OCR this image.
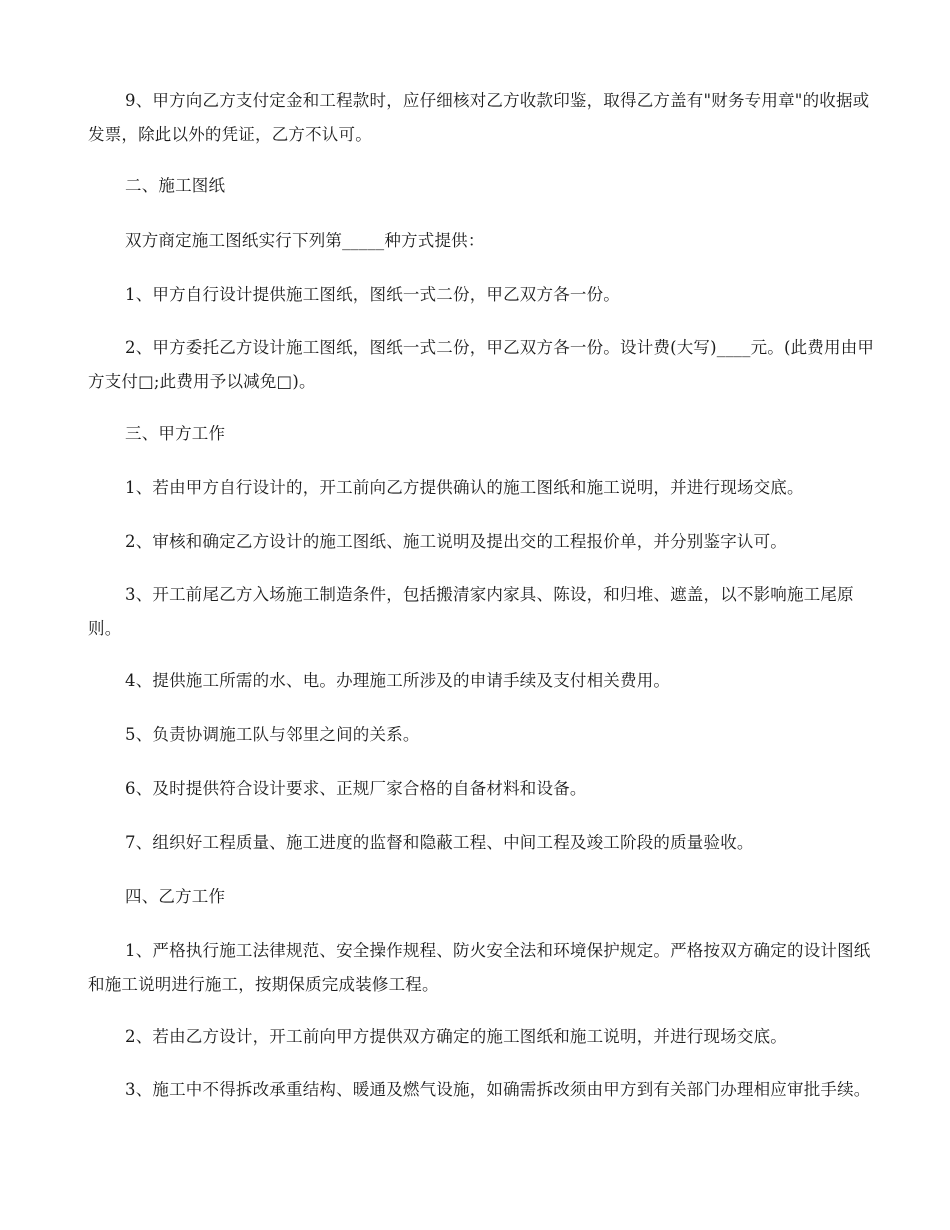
9、甲方向乙方支付定金和工程款时，应仔细核对乙方收款印鉴，取得乙方盖有"财务专用章"的收据或发票，除此以外的凭证，乙方不认可。

二、施工图纸

双方商定施工图纸实行下列第_____种方式提供：

1、甲方自行设计提供施工图纸，图纸一式二份，甲乙双方各一份。

2、甲方委托乙方设计施工图纸，图纸一式二份，甲乙双方各一份。设计费(大写)____元。(此费用由甲方支付□;此费用予以减免□)。

三、甲方工作

1、若由甲方自行设计的，开工前向乙方提供确认的施工图纸和施工说明，并进行现场交底。

2、审核和确定乙方设计的施工图纸、施工说明及提出交的工程报价单，并分别鉴字认可。

3、开工前尾乙方入场施工制造条件，包括搬清家内家具、陈设，和归堆、遮盖，以不影响施工尾原则。

4、提供施工所需的水、电。办理施工所涉及的申请手续及支付相关费用。

5、负责协调施工队与邻里之间的关系。

6、及时提供符合设计要求、正规厂家合格的自备材料和设备。

7、组织好工程质量、施工进度的监督和隐蔽工程、中间工程及竣工阶段的质量验收。

四、乙方工作

1、严格执行施工法律规范、安全操作规程、防火安全法和环境保护规定。严格按双方确定的设计图纸和施工说明进行施工，按期保质完成装修工程。

2、若由乙方设计，开工前向甲方提供双方确定的施工图纸和施工说明，并进行现场交底。

3、施工中不得拆改承重结构、暖通及燃气设施，如确需拆改须由甲方到有关部门办理相应审批手续。
